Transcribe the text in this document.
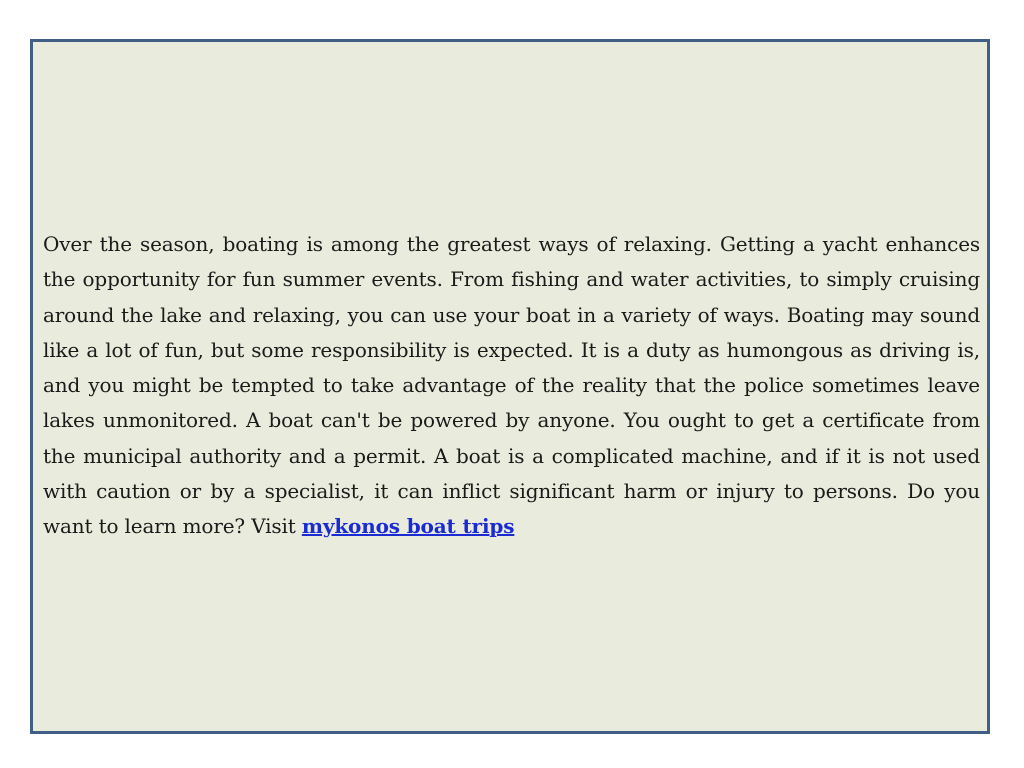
Over the season, boating is among the greatest ways of relaxing. Getting a yacht enhances the opportunity for fun summer events. From fishing and water activities, to simply cruising around the lake and relaxing, you can use your boat in a variety of ways. Boating may sound like a lot of fun, but some responsibility is expected. It is a duty as humongous as driving is, and you might be tempted to take advantage of the reality that the police sometimes leave lakes unmonitored. A boat can't be powered by anyone. You ought to get a certificate from the municipal authority and a permit. A boat is a complicated machine, and if it is not used with caution or by a specialist, it can inflict significant harm or injury to persons. Do you want to learn more? Visit mykonos boat trips
